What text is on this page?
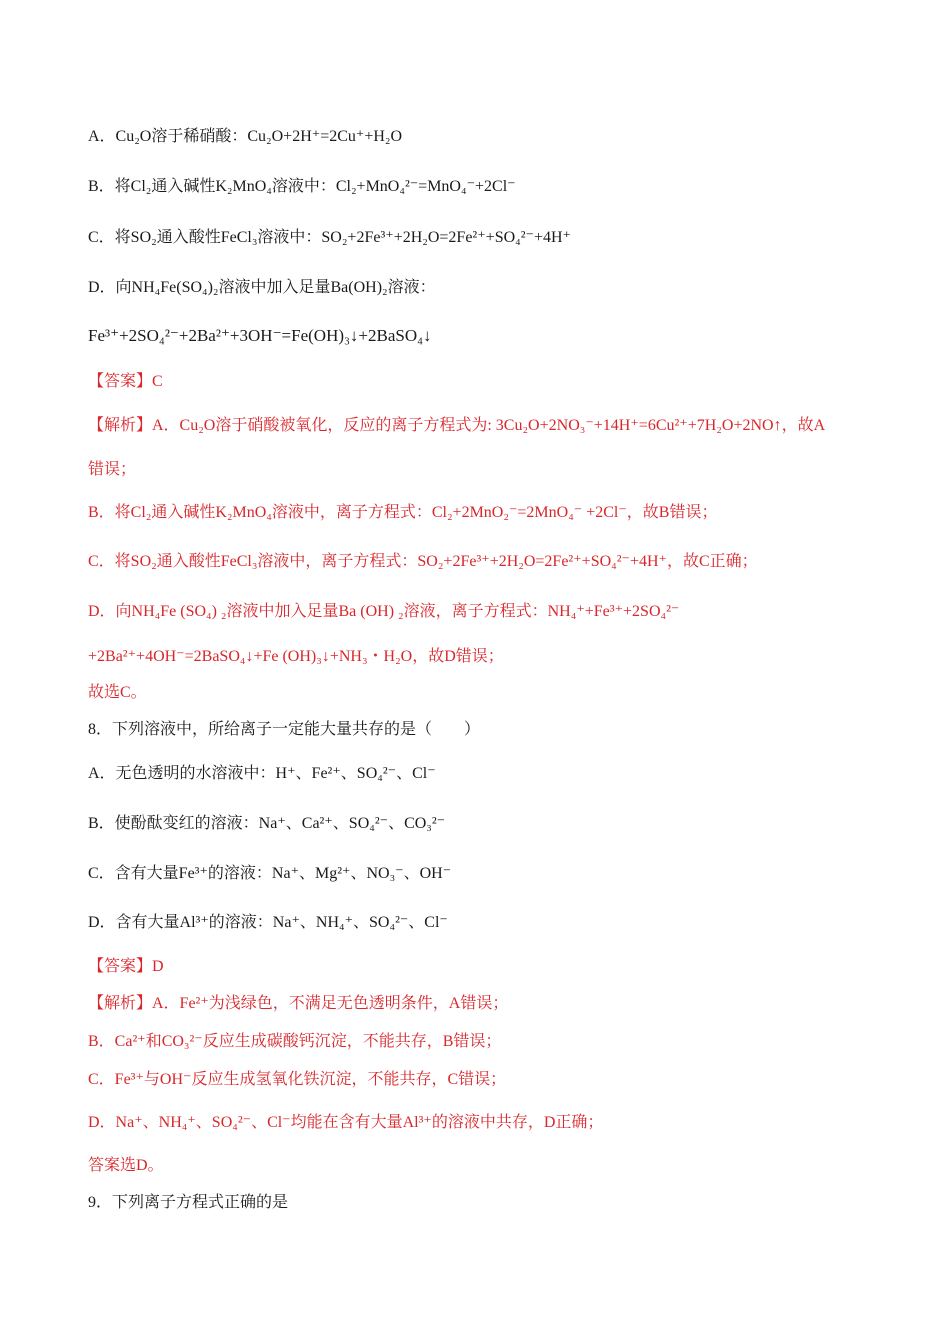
A．Cu₂O溶于稀硝酸：Cu₂O+2H⁺=2Cu⁺+H₂O
B．将Cl₂通入碱性K₂MnO₄溶液中：Cl₂+MnO₄²⁻=MnO₄⁻+2Cl⁻
C．将SO₂通入酸性FeCl₃溶液中：SO₂+2Fe³⁺+2H₂O=2Fe²⁺+SO₄²⁻+4H⁺
D．向NH₄Fe(SO₄)₂溶液中加入足量Ba(OH)₂溶液：
Fe³⁺+2SO₄²⁻+2Ba²⁺+3OH⁻=Fe(OH)₃↓+2BaSO₄↓
【答案】C
【解析】A．Cu₂O溶于硝酸被氧化，反应的离子方程式为: 3Cu₂O+2NO₃⁻+14H⁺=6Cu²⁺+7H₂O+2NO↑，故A
错误；
B．将Cl₂通入碱性K₂MnO₄溶液中，离子方程式：Cl₂+2MnO₂⁻=2MnO₄⁻ +2Cl⁻，故B错误；
C．将SO₂通入酸性FeCl₃溶液中，离子方程式：SO₂+2Fe³⁺+2H₂O=2Fe²⁺+SO₄²⁻+4H⁺，故C正确；
D．向NH₄Fe (SO₄) ₂溶液中加入足量Ba (OH) ₂溶液，离子方程式：NH₄⁺+Fe³⁺+2SO₄²⁻
+2Ba²⁺+4OH⁻=2BaSO₄↓+Fe (OH)₃↓+NH₃・H₂O，故D错误；
故选C。
8．下列溶液中，所给离子一定能大量共存的是（　　）
A．无色透明的水溶液中：H⁺、Fe²⁺、SO₄²⁻、Cl⁻
B．使酚酞变红的溶液：Na⁺、Ca²⁺、SO₄²⁻、CO₃²⁻
C．含有大量Fe³⁺的溶液：Na⁺、Mg²⁺、NO₃⁻、OH⁻
D．含有大量Al³⁺的溶液：Na⁺、NH₄⁺、SO₄²⁻、Cl⁻
【答案】D
【解析】A．Fe²⁺为浅绿色，不满足无色透明条件，A错误；
B．Ca²⁺和CO₃²⁻反应生成碳酸钙沉淀，不能共存，B错误；
C．Fe³⁺与OH⁻反应生成氢氧化铁沉淀，不能共存，C错误；
D．Na⁺、NH₄⁺、SO₄²⁻、Cl⁻均能在含有大量Al³⁺的溶液中共存，D正确；
答案选D。
9．下列离子方程式正确的是
